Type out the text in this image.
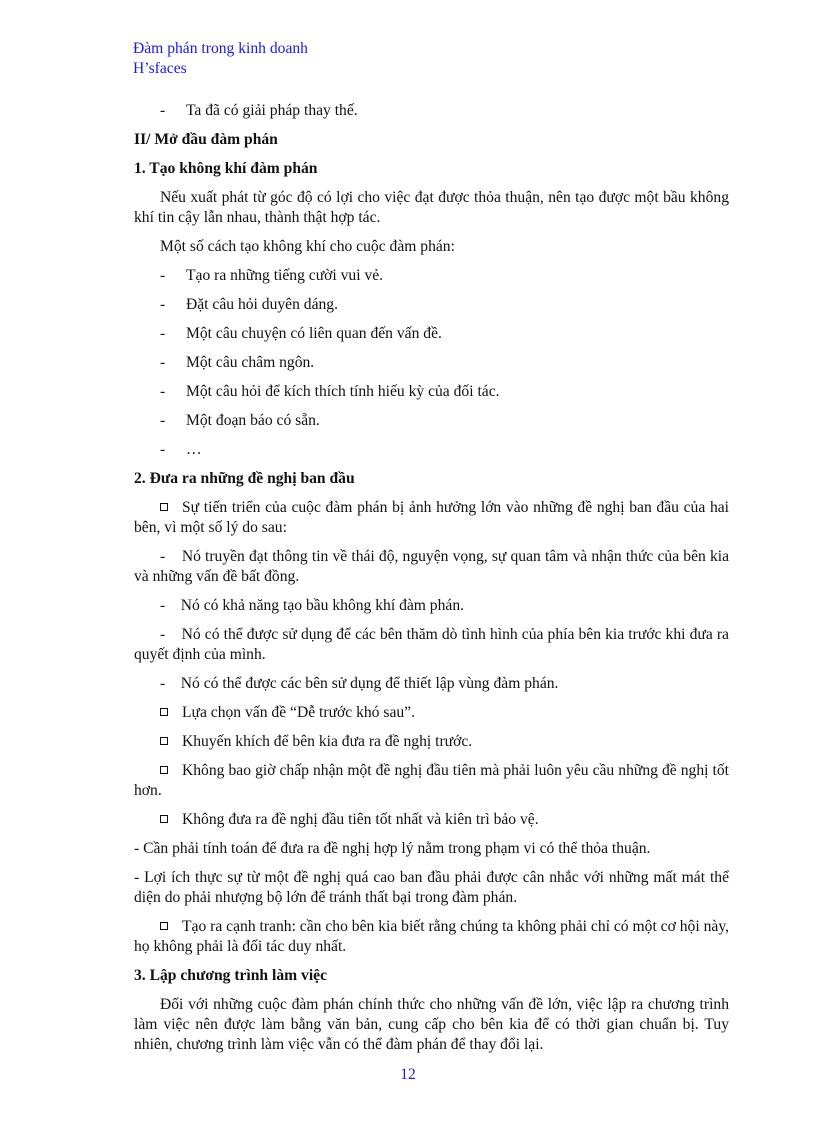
Đàm phán trong kinh doanh
H’sfaces
-	Ta đã có giải pháp thay thế.
II/ Mở đầu đàm phán
1. Tạo không khí đàm phán

Nếu xuất phát từ góc độ có lợi cho việc đạt được thỏa thuận, nên tạo được một bầu không khí tin cậy lẫn nhau, thành thật hợp tác.

Một số cách tạo không khí cho cuộc đàm phán:

-	Tạo ra những tiếng cười vui vẻ.
-	Đặt câu hỏi duyên dáng.
-	Một câu chuyện có liên quan đến vấn đề.
-	Một câu châm ngôn.
-	Một câu hỏi để kích thích tính hiếu kỳ của đối tác.
-	Một đoạn báo có sẵn.
-	…
2. Đưa ra những đề nghị ban đầu

Sự tiến triển của cuộc đàm phán bị ảnh hưởng lớn vào những đề nghị ban đầu của hai bên, vì một số lý do sau:

-    Nó truyền đạt thông tin về thái độ, nguyện vọng, sự quan tâm và nhận thức của bên kia và những vấn đề bất đồng.

-    Nó có khả năng tạo bầu không khí đàm phán.

-    Nó có thể được sử dụng để các bên thăm dò tình hình của phía bên kia trước khi đưa ra quyết định của mình.

-    Nó có thể được các bên sử dụng để thiết lập vùng đàm phán.

Lựa chọn vấn đề “Dễ trước khó sau”.

Khuyến khích để bên kia đưa ra đề nghị trước.

Không bao giờ chấp nhận một đề nghị đầu tiên mà phải luôn yêu cầu những đề nghị tốt hơn.

Không đưa ra đề nghị đầu tiên tốt nhất và kiên trì bảo vệ.

- Cần phải tính toán để đưa ra đề nghị hợp lý nằm trong phạm vi có thể thỏa thuận.

- Lợi ích thực sự từ một đề nghị quá cao ban đầu phải được cân nhắc với những mất mát thể diện do phải nhượng bộ lớn để tránh thất bại trong đàm phán.

Tạo ra cạnh tranh: cần cho bên kia biết rằng chúng ta không phải chỉ có một cơ hội này, họ không phải là đối tác duy nhất.

3. Lập chương trình làm việc

Đối với những cuộc đàm phán chính thức cho những vấn đề lớn, việc lập ra chương trình làm việc nên được làm bằng văn bản, cung cấp cho bên kia để có thời gian chuẩn bị. Tuy nhiên, chương trình làm việc vẫn có thể đàm phán để thay đổi lại.

12
